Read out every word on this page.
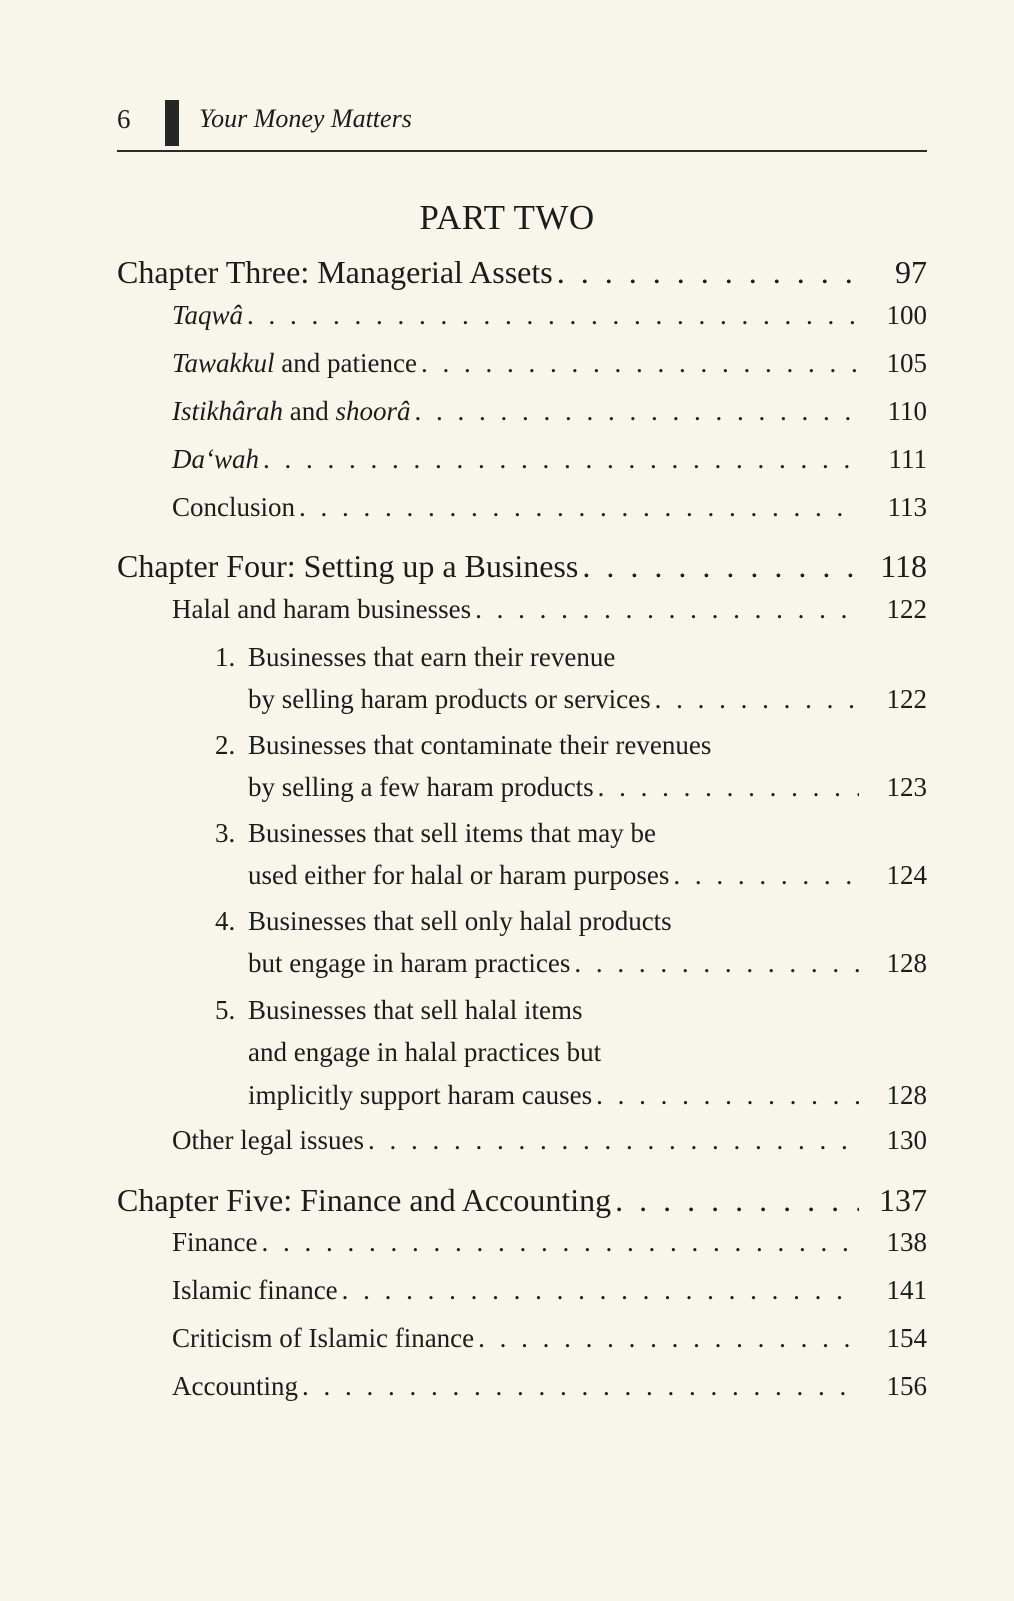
6	Your Money Matters
PART TWO
Chapter Three: Managerial Assets . . .	97
Taqwâ . . .	100
Tawakkul and patience . . .	105
Istikhârah and shoorâ . . .	110
Da‘wah . . .	111
Conclusion . . .	113
Chapter Four: Setting up a Business . . .	118
Halal and haram businesses . . .	122
1. Businesses that earn their revenue
by selling haram products or services . . .	122
2. Businesses that contaminate their revenues
by selling a few haram products . . .	123
3. Businesses that sell items that may be
used either for halal or haram purposes . . .	124
4. Businesses that sell only halal products
but engage in haram practices . . .	128
5. Businesses that sell halal items
and engage in halal practices but
implicitly support haram causes . . .	128
Other legal issues . . .	130
Chapter Five: Finance and Accounting . . .	137
Finance . . .	138
Islamic finance . . .	141
Criticism of Islamic finance . . .	154
Accounting . . .	156
